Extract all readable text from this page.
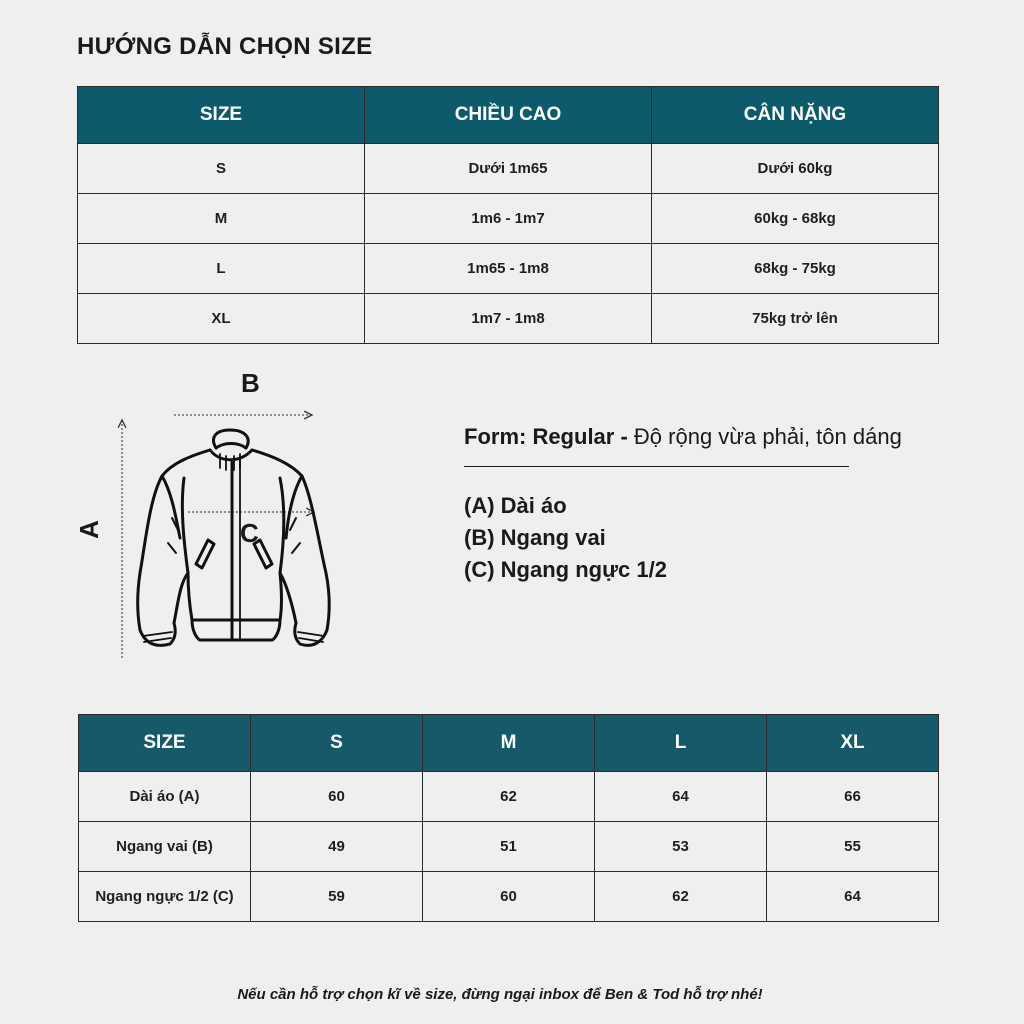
HƯỚNG DẪN CHỌN SIZE
SIZE	CHIỀU CAO	CÂN NẶNG
S	Dưới 1m65	Dưới 60kg
M	1m6 - 1m7	60kg - 68kg
L	1m65 - 1m8	68kg - 75kg
XL	1m7 - 1m8	75kg trở lên
B
A	C
Form: Regular - Độ rộng vừa phải, tôn dáng
(A) Dài áo
(B) Ngang vai
(C) Ngang ngực 1/2
SIZE	S	M	L	XL
Dài áo (A)	60	62	64	66
Ngang vai (B)	49	51	53	55
Ngang ngực 1/2 (C)	59	60	62	64
Nếu cần hỗ trợ chọn kĩ về size, đừng ngại inbox để Ben & Tod hỗ trợ nhé!
